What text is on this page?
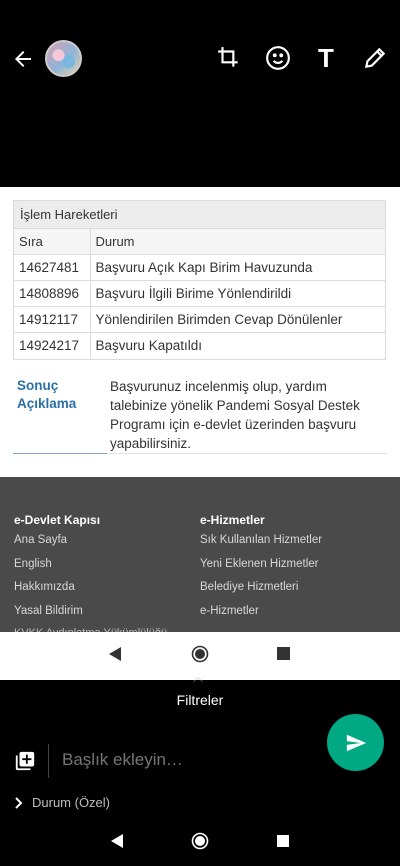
T
İşlem Hareketleri
Sıra	Durum
14627481	Başvuru Açık Kapı Birim Havuzunda
14808896	Başvuru İlgili Birime Yönlendirildi
14912117	Yönlendirilen Birimden Cevap Dönülenler
14924217	Başvuru Kapatıldı
Sonuç
Açıklama
Başvurunuz incelenmiş olup, yardım talebinize yönelik Pandemi Sosyal Destek Programı için e-devlet üzerinden başvuru yapabilirsiniz.
e-Devlet Kapısı
Ana Sayfa
English
Hakkımızda
Yasal Bildirim
e-Hizmetler
Sık Kullanılan Hizmetler
Yeni Eklenen Hizmetler
Belediye Hizmetleri
e-Hizmetler
︿
Filtreler
Başlık ekleyin…
Durum (Özel)
